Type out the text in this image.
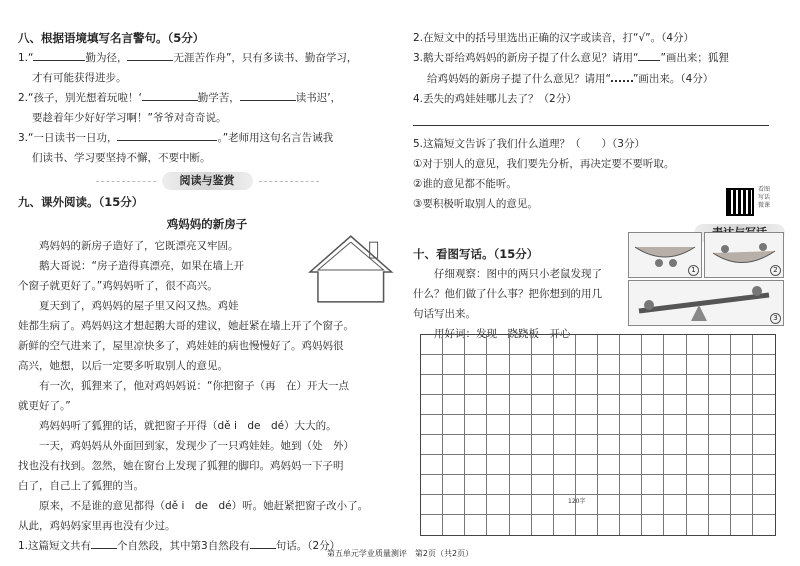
八、根据语境填写名言警句。（5分）
1.“	勤为径，	无涯苦作舟”，只有多读书、勤奋学习，
才有可能获得进步。
2.“孩子，别光想着玩啦！‘	勤学苦，	读书迟’，
要趁着年少好好学习啊！”爷爷对奇奇说。
3.“一日读书一日功，	。”老师用这句名言告诫我
们读书、学习要坚持不懈，不要中断。
阅读与鉴赏
九、课外阅读。（15分）
鸡妈妈的新房子
鸡妈妈的新房子造好了，它既漂亮又牢固。
鹅大哥说：“房子造得真漂亮，如果在墙上开
个窗子就更好了。”鸡妈妈听了，很不高兴。
夏天到了，鸡妈妈的屋子里又闷又热。鸡娃
娃都生病了。鸡妈妈这才想起鹅大哥的建议，她赶紧在墙上开了个窗子。
新鲜的空气进来了，屋里凉快多了，鸡娃娃的病也慢慢好了。鸡妈妈很
高兴，她想，以后一定要多听取别人的意见。
有一次，狐狸来了，他对鸡妈妈说：“你把窗子（再　在）开大一点
就更好了。”
鸡妈妈听了狐狸的话，就把窗子开得（dě i　de　dé）大大的。
一天，鸡妈妈从外面回到家，发现少了一只鸡娃娃。她到（处　外）
找也没有找到。忽然，她在窗台上发现了狐狸的脚印。鸡妈妈一下子明
白了，自己上了狐狸的当。
原来，不是谁的意见都得（dě i　de　dé）听。她赶紧把窗子改小了。
从此，鸡妈妈家里再也没有少过。
1.这篇短文共有 个自然段，其中第3自然段有 句话。（2分）
2.在短文中的括号里选出正确的汉字或读音，打“√”。（4分）
3.鹅大哥给鸡妈妈的新房子提了什么意见？请用“ ”画出来；狐狸
给鸡妈妈的新房子提了什么意见？请用“ ”画出来。（4分）
4.丢失的鸡娃娃哪儿去了？（2分）
5.这篇短文告诉了我们什么道理？（　　）（3分）
①对于别人的意见，我们要先分析，再决定要不要听取。
②谁的意见都不能听。
③要积极听取别人的意见。
十、看图写话。（15分）
仔细观察：图中的两只小老鼠发现了
什么？他们做了什么事？把你想到的用几
句话写出来。
用好词：发现　跷跷板　开心
看图写话微课
1	2
3
120字
第五单元学业质量测评　第2页（共2页）
